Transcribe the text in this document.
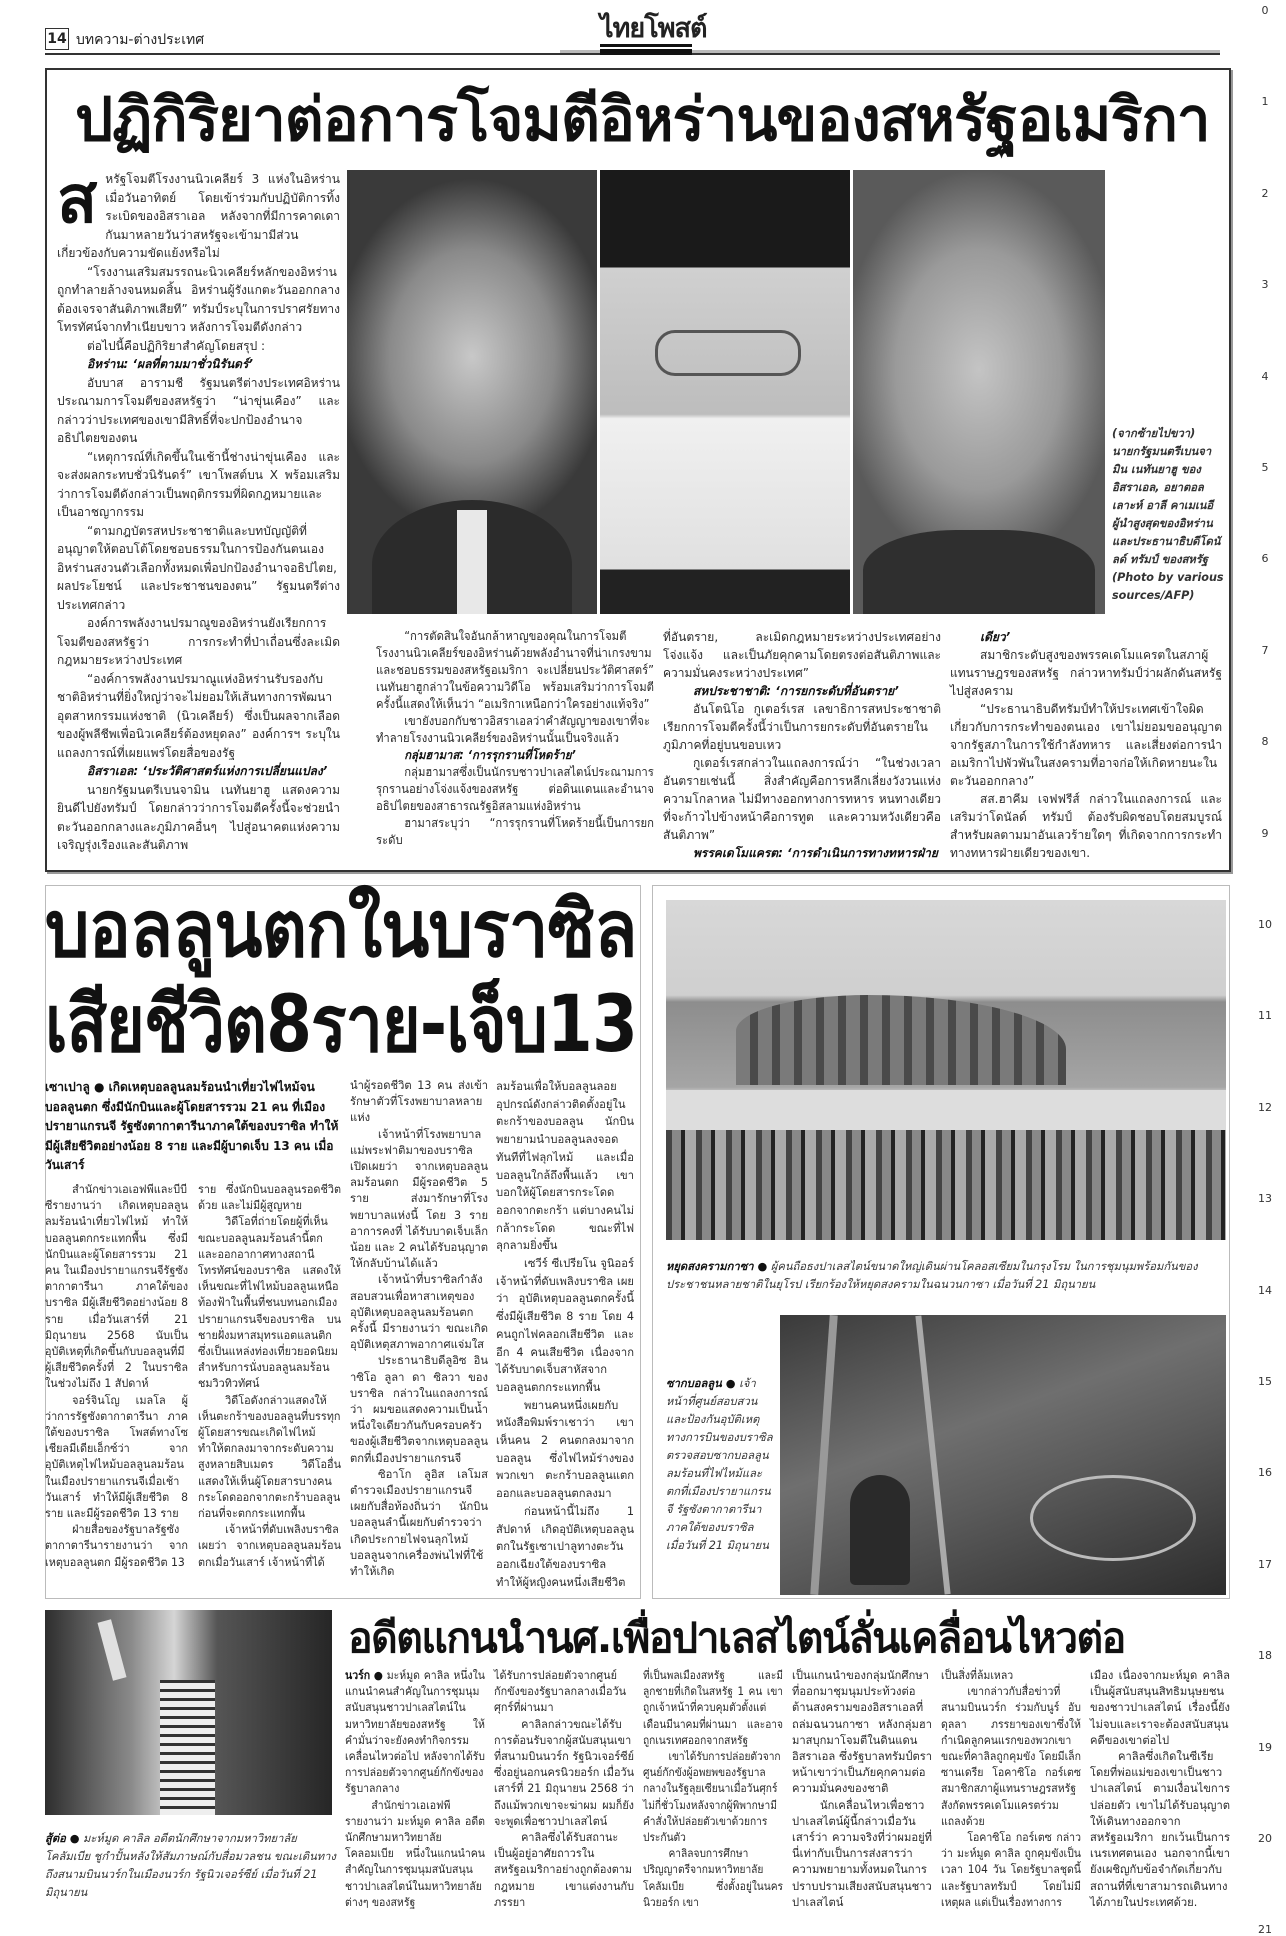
14 บทความ-ต่างประเทศ	ไทยโพสต์
0
1
2
3
4
5
6
7
8
9
10
11
12
13
14
15
16
17
18
19
20
21
ปฏิกิริยาต่อการโจมตีอิหร่านของสหรัฐอเมริกา
ส หรัฐโจมตีโรงงานนิวเคลียร์ 3 แห่งในอิหร่านเมื่อวันอาทิตย์ โดยเข้าร่วมกับปฏิบัติการทิ้งระเบิดของอิสราเอล หลังจากที่มีการคาดเดากันมาหลายวันว่าสหรัฐจะเข้ามามีส่วนเกี่ยวข้องกับความขัดแย้งหรือไม่

“โรงงานเสริมสมรรถนะนิวเคลียร์หลักของอิหร่านถูกทำลายล้างจนหมดสิ้น อิหร่านผู้รังแกตะวันออกกลาง ต้องเจรจาสันติภาพเสียที” ทรัมป์ระบุในการปราศรัยทางโทรทัศน์จากทำเนียบขาว หลังการโจมตีดังกล่าว

ต่อไปนี้คือปฏิกิริยาสำคัญโดยสรุป :

อิหร่าน: ‘ผลที่ตามมาชั่วนิรันดร์’

อับบาส อารามชี รัฐมนตรีต่างประเทศอิหร่านประณามการโจมตีของสหรัฐว่า “น่าขุ่นเคือง” และกล่าวว่าประเทศของเขามีสิทธิ์ที่จะปกป้องอำนาจอธิปไตยของตน

“เหตุการณ์ที่เกิดขึ้นในเช้านี้ช่างน่าขุ่นเคือง และจะส่งผลกระทบชั่วนิรันดร์” เขาโพสต์บน X พร้อมเสริมว่าการโจมตีดังกล่าวเป็นพฤติกรรมที่ผิดกฎหมายและเป็นอาชญากรรม

“ตามกฎบัตรสหประชาชาติและบทบัญญัติที่อนุญาตให้ตอบโต้โดยชอบธรรมในการป้องกันตนเอง อิหร่านสงวนตัวเลือกทั้งหมดเพื่อปกป้องอำนาจอธิปไตย, ผลประโยชน์ และประชาชนของตน” รัฐมนตรีต่างประเทศกล่าว

องค์การพลังงานปรมาณูของอิหร่านยังเรียกการโจมตีของสหรัฐว่า การกระทำที่ป่าเถื่อนซึ่งละเมิดกฎหมายระหว่างประเทศ

“องค์การพลังงานปรมาณูแห่งอิหร่านรับรองกับชาติอิหร่านที่ยิ่งใหญ่ว่าจะไม่ยอมให้เส้นทางการพัฒนาอุตสาหกรรมแห่งชาติ (นิวเคลียร์) ซึ่งเป็นผลจากเลือดของผู้พลีชีพเพื่อนิวเคลียร์ต้องหยุดลง” องค์การฯ ระบุในแถลงการณ์ที่เผยแพร่โดยสื่อของรัฐ

อิสราเอล: ‘ประวัติศาสตร์แห่งการเปลี่ยนแปลง’

นายกรัฐมนตรีเบนจามิน เนทันยาฮู แสดงความยินดีไปยังทรัมป์ โดยกล่าวว่าการโจมตีครั้งนี้จะช่วยนำตะวันออกกลางและภูมิภาคอื่นๆ ไปสู่อนาคตแห่งความเจริญรุ่งเรืองและสันติภาพ

(จากซ้ายไปขวา) นายกรัฐมนตรีเบนจามิน เนทันยาฮู ของอิสราเอล, อยาตอลเลาะห์ อาลี คาเมเนอี ผู้นำสูงสุดของอิหร่าน และประธานาธิบดีโดนัลด์ ทรัมป์ ของสหรัฐ (Photo by various sources/AFP)

“การตัดสินใจอันกล้าหาญของคุณในการโจมตีโรงงานนิวเคลียร์ของอิหร่านด้วยพลังอำนาจที่น่าเกรงขามและชอบธรรมของสหรัฐอเมริกา จะเปลี่ยนประวัติศาสตร์” เนทันยาฮูกล่าวในข้อความวิดีโอ พร้อมเสริมว่าการโจมตีครั้งนี้แสดงให้เห็นว่า “อเมริกาเหนือกว่าใครอย่างแท้จริง”

เขายังบอกกับชาวอิสราเอลว่าคำสัญญาของเขาที่จะทำลายโรงงานนิวเคลียร์ของอิหร่านนั้นเป็นจริงแล้ว

กลุ่มฮามาส: ‘การรุกรานที่โหดร้าย’

กลุ่มฮามาสซึ่งเป็นนักรบชาวปาเลสไตน์ประณามการรุกรานอย่างโจ่งแจ้งของสหรัฐ ต่อดินแดนและอำนาจอธิปไตยของสาธารณรัฐอิสลามแห่งอิหร่าน

ฮามาสระบุว่า “การรุกรานที่โหดร้ายนี้เป็นการยกระดับ

ที่อันตราย, ละเมิดกฎหมายระหว่างประเทศอย่างโจ่งแจ้ง และเป็นภัยคุกคามโดยตรงต่อสันติภาพและความมั่นคงระหว่างประเทศ”

สหประชาชาติ: ‘การยกระดับที่อันตราย’

อันโตนิโอ กูเตอร์เรส เลขาธิการสหประชาชาติ เรียกการโจมตีครั้งนี้ว่าเป็นการยกระดับที่อันตรายในภูมิภาคที่อยู่บนขอบเหว

กูเตอร์เรสกล่าวในแถลงการณ์ว่า “ในช่วงเวลาอันตรายเช่นนี้ สิ่งสำคัญคือการหลีกเลี่ยงวังวนแห่งความโกลาหล ไม่มีทางออกทางการทหาร หนทางเดียวที่จะก้าวไปข้างหน้าคือการทูต และความหวังเดียวคือสันติภาพ”

พรรคเดโมแครต: ‘การดำเนินการทางทหารฝ่าย

เดียว’

สมาชิกระดับสูงของพรรคเดโมแครตในสภาผู้แทนราษฎรของสหรัฐ กล่าวหาทรัมป์ว่าผลักดันสหรัฐไปสู่สงคราม

“ประธานาธิบดีทรัมป์ทำให้ประเทศเข้าใจผิดเกี่ยวกับการกระทำของตนเอง เขาไม่ยอมขออนุญาตจากรัฐสภาในการใช้กำลังทหาร และเสี่ยงต่อการนำอเมริกาไปพัวพันในสงครามที่อาจก่อให้เกิดหายนะในตะวันออกกลาง”

สส.ฮาคีม เจฟฟรีส์ กล่าวในแถลงการณ์ และเสริมว่าโดนัลด์ ทรัมป์ ต้องรับผิดชอบโดยสมบูรณ์สำหรับผลตามมาอันเลวร้ายใดๆ ที่เกิดจากการกระทำทางทหารฝ่ายเดียวของเขา.

บอลลูนตกในบราซิล
เสียชีวิต8ราย-เจ็บ13
เซาเปาลู ● เกิดเหตุบอลลูนลมร้อนนำเที่ยวไฟไหม้จนบอลลูนตก ซึ่งมีนักบินและผู้โดยสารรวม 21 คน ที่เมืองปรายาแกรนจี รัฐซังตากาตารีนาภาคใต้ของบราซิล ทำให้มีผู้เสียชีวิตอย่างน้อย 8 ราย และมีผู้บาดเจ็บ 13 คน เมื่อวันเสาร์

สำนักข่าวเอเอฟพีและบีบีซีรายงานว่า เกิดเหตุบอลลูนลมร้อนนำเที่ยวไฟไหม้ ทำให้บอลลูนตกกระแทกพื้น ซึ่งมีนักบินและผู้โดยสารรวม 21 คน ในเมืองปรายาแกรนจีรัฐซังตากาตารีนา ภาคใต้ของบราซิล มีผู้เสียชีวิตอย่างน้อย 8 ราย เมื่อวันเสาร์ที่ 21 มิถุนายน 2568 นับเป็นอุบัติเหตุที่เกิดขึ้นกับบอลลูนที่มีผู้เสียชีวิตครั้งที่ 2 ในบราซิล ในช่วงไม่ถึง 1 สัปดาห์

จอร์จินโญ เมลโล ผู้ว่าการรัฐซังตากาตารีนา ภาคใต้ของบราซิล โพสต์ทางโซเชียลมีเดียเอ็กซ์ว่า จากอุบัติเหตุไฟไหม้บอลลูนลมร้อนในเมืองปรายาแกรนจีเมื่อเช้าวันเสาร์ ทำให้มีผู้เสียชีวิต 8 ราย และมีผู้รอดชีวิต 13 ราย

ฝ่ายสื่อของรัฐบาลรัฐซังตากาตารีนารายงานว่า จากเหตุบอลลูนตก มีผู้รอดชีวิต 13

ราย ซึ่งนักบินบอลลูนรอดชีวิตด้วย และไม่มีผู้สูญหาย

วิดีโอที่ถ่ายโดยผู้ที่เห็นขณะบอลลูนลมร้อนลำนี้ตก และออกอากาศทางสถานีโทรทัศน์ของบราซิล แสดงให้เห็นขณะที่ไฟไหม้บอลลูนเหนือท้องฟ้าในพื้นที่ชนบทนอกเมืองปรายาแกรนจีของบราซิล บนชายฝั่งมหาสมุทรแอตแลนติก ซึ่งเป็นแหล่งท่องเที่ยวยอดนิยมสำหรับการนั่งบอลลูนลมร้อนชมวิวทิวทัศน์

วิดีโอดังกล่าวแสดงให้เห็นตะกร้าของบอลลูนที่บรรทุกผู้โดยสารขณะเกิดไฟไหม้ ทำให้ตกลงมาจากระดับความสูงหลายสิบเมตร วิดีโออื่นแสดงให้เห็นผู้โดยสารบางคนกระโดดออกจากตะกร้าบอลลูนก่อนที่จะตกกระแทกพื้น

เจ้าหน้าที่ดับเพลิงบราซิลเผยว่า จากเหตุบอลลูนลมร้อนตกเมื่อวันเสาร์ เจ้าหน้าที่ได้

นำผู้รอดชีวิต 13 คน ส่งเข้ารักษาตัวที่โรงพยาบาลหลายแห่ง

เจ้าหน้าที่โรงพยาบาลแม่พระฟาติมาของบราซิล เปิดเผยว่า จากเหตุบอลลูนลมร้อนตก มีผู้รอดชีวิต 5 ราย ส่งมารักษาที่โรงพยาบาลแห่งนี้ โดย 3 รายอาการคงที่ ได้รับบาดเจ็บเล็กน้อย และ 2 คนได้รับอนุญาตให้กลับบ้านได้แล้ว

เจ้าหน้าที่บราซิลกำลังสอบสวนเพื่อหาสาเหตุของอุบัติเหตุบอลลูนลมร้อนตกครั้งนี้ มีรายงานว่า ขณะเกิดอุบัติเหตุสภาพอากาศแจ่มใส

ประธานาธิบดีลูอิซ อินาซิโอ ลูลา ดา ซิลวา ของบราซิล กล่าวในแถลงการณ์ว่า ผมขอแสดงความเป็นน้ำหนึ่งใจเดียวกันกับครอบครัวของผู้เสียชีวิตจากเหตุบอลลูนตกที่เมืองปรายาแกรนจี

ซิอาโก ลูอิส เลโมส ตำรวจเมืองปรายาแกรนจี เผยกับสื่อท้องถิ่นว่า นักบินบอลลูนลำนี้เผยกับตำรวจว่า เกิดประกายไฟจนลุกไหม้บอลลูนจากเครื่องพ่นไฟที่ใช้ทำให้เกิด

ลมร้อนเพื่อให้บอลลูนลอย อุปกรณ์ดังกล่าวติดตั้งอยู่ในตะกร้าของบอลลูน นักบินพยายามนำบอลลูนลงจอดทันทีที่ไฟลุกไหม้ และเมื่อบอลลูนใกล้ถึงพื้นแล้ว เขาบอกให้ผู้โดยสารกระโดดออกจากตะกร้า แต่บางคนไม่กล้ากระโดด ขณะที่ไฟลุกลามยิ่งขึ้น

เซวีร์ ซีเปรียโน จูนิออร์ เจ้าหน้าที่ดับเพลิงบราซิล เผยว่า อุบัติเหตุบอลลูนตกครั้งนี้ ซึ่งมีผู้เสียชีวิต 8 ราย โดย 4 คนถูกไฟคลอกเสียชีวิต และอีก 4 คนเสียชีวิต เนื่องจากได้รับบาดเจ็บสาหัสจากบอลลูนตกกระแทกพื้น

พยานคนหนึ่งเผยกับหนังสือพิมพ์ราเชาว่า เขาเห็นคน 2 คนตกลงมาจากบอลลูน ซึ่งไฟไหม้ร่างของพวกเขา ตะกร้าบอลลูนแตกออกและบอลลูนตกลงมา

ก่อนหน้านี้ไม่ถึง 1 สัปดาห์ เกิดอุบัติเหตุบอลลูนตกในรัฐเซาเปาลูทางตะวันออกเฉียงใต้ของบราซิล ทำให้ผู้หญิงคนหนึ่งเสียชีวิต

หยุดสงครามกาซา ● ผู้คนถือธงปาเลสไตน์ขนาดใหญ่เดินผ่านโคลอสเซียมในกรุงโรม ในการชุมนุมพร้อมกันของประชาชนหลายชาติในยุโรป เรียกร้องให้หยุดสงครามในฉนวนกาซา เมื่อวันที่ 21 มิถุนายน
ซากบอลลูน ● เจ้าหน้าที่ศูนย์สอบสวนและป้องกันอุบัติเหตุทางการบินของบราซิล ตรวจสอบซากบอลลูนลมร้อนที่ไฟไหม้และตกที่เมืองปรายาแกรนจี รัฐซังตากาตารีนาภาคใต้ของบราซิล เมื่อวันที่ 21 มิถุนายน
สู้ต่อ ● มะห์มูด คาลิล อดีตนักศึกษาจากมหาวิทยาลัยโคลัมเบีย ชูกำปั้นหลังให้สัมภาษณ์กับสื่อมวลชน ขณะเดินทางถึงสนามบินนวร์กในเมืองนวร์ก รัฐนิวเจอร์ซีย์ เมื่อวันที่ 21 มิถุนายน
อดีตแกนนำนศ.เพื่อปาเลสไตน์ลั่นเคลื่อนไหวต่อ
นวร์ก ● มะห์มูด คาลิล หนึ่งในแกนนำคนสำคัญในการชุมนุมสนับสนุนชาวปาเลสไตน์ในมหาวิทยาลัยของสหรัฐ ให้คำมั่นว่าจะยังคงทำกิจกรรมเคลื่อนไหวต่อไป หลังจากได้รับการปล่อยตัวจากศูนย์กักขังของรัฐบาลกลาง

สำนักข่าวเอเอฟพีรายงานว่า มะห์มูด คาลิล อดีตนักศึกษามหาวิทยาลัยโคลอมเบีย หนึ่งในแกนนำคนสำคัญในการชุมนุมสนับสนุนชาวปาเลสไตน์ในมหาวิทยาลัยต่างๆ ของสหรัฐ

ได้รับการปล่อยตัวจากศูนย์กักขังของรัฐบาลกลางเมื่อวันศุกร์ที่ผ่านมา

คาลิลกล่าวขณะได้รับการต้อนรับจากผู้สนับสนุนเขาที่สนามบินนวร์ก รัฐนิวเจอร์ซีย์ ซึ่งอยู่นอกนครนิวยอร์ก เมื่อวันเสาร์ที่ 21 มิถุนายน 2568 ว่า ถึงแม้พวกเขาจะฆ่าผม ผมก็ยังจะพูดเพื่อชาวปาเลสไตน์

คาลิลซึ่งได้รับสถานะเป็นผู้อยู่อาศัยถาวรในสหรัฐอเมริกาอย่างถูกต้องตามกฎหมาย เขาแต่งงานกับภรรยา

ที่เป็นพลเมืองสหรัฐ และมีลูกชายที่เกิดในสหรัฐ 1 คน เขาถูกเจ้าหน้าที่ควบคุมตัวตั้งแต่เดือนมีนาคมที่ผ่านมา และอาจถูกเนรเทศออกจากสหรัฐ

เขาได้รับการปล่อยตัวจากศูนย์กักขังผู้อพยพของรัฐบาลกลางในรัฐลุยเซียนาเมื่อวันศุกร์ ไม่กี่ชั่วโมงหลังจากผู้พิพากษามีคำสั่งให้ปล่อยตัวเขาด้วยการประกันตัว

คาลิลจบการศึกษาปริญญาตรีจากมหาวิทยาลัยโคลัมเบีย ซึ่งตั้งอยู่ในนครนิวยอร์ก เขา

เป็นแกนนำของกลุ่มนักศึกษาที่ออกมาชุมนุมประท้วงต่อต้านสงครามของอิสราเอลที่ถล่มฉนวนกาซา หลังกลุ่มฮามาสบุกมาโจมตีในดินแดนอิสราเอล ซึ่งรัฐบาลทรัมป์ตราหน้าเขาว่าเป็นภัยคุกคามต่อความมั่นคงของชาติ

นักเคลื่อนไหวเพื่อชาวปาเลสไตน์ผู้นี้กล่าวเมื่อวันเสาร์ว่า ความจริงที่ว่าผมอยู่ที่นี่เท่ากับเป็นการส่งสารว่าความพยายามทั้งหมดในการปราบปรามเสียงสนับสนุนชาวปาเลสไตน์

เป็นสิ่งที่ล้มเหลว

เขากล่าวกับสื่อข่าวที่สนามบินนวร์ก ร่วมกับนูร์ อับดุลลา ภรรยาของเขาซึ่งให้กำเนิดลูกคนแรกของพวกเขาขณะที่คาลิลถูกคุมขัง โดยมีเล็กซานเดรีย โอคาซิโอ กอร์เตซ สมาชิกสภาผู้แทนราษฎรสหรัฐสังกัดพรรคเดโมแครตร่วมแถลงด้วย

โอคาซิโอ กอร์เตซ กล่าวว่า มะห์มูด คาลิล ถูกคุมขังเป็นเวลา 104 วัน โดยรัฐบาลชุดนี้ และรัฐบาลทรัมป์ โดยไม่มีเหตุผล แต่เป็นเรื่องทางการ

เมือง เนื่องจากมะห์มูด คาลิล เป็นผู้สนับสนุนสิทธิมนุษยชนของชาวปาเลสไตน์ เรื่องนี้ยังไม่จบและเราจะต้องสนับสนุนคดีของเขาต่อไป

คาลิลซึ่งเกิดในซีเรียโดยที่พ่อแม่ของเขาเป็นชาวปาเลสไตน์ ตามเงื่อนไขการปล่อยตัว เขาไม่ได้รับอนุญาตให้เดินทางออกจากสหรัฐอเมริกา ยกเว้นเป็นการเนรเทศตนเอง นอกจากนี้เขายังเผชิญกับข้อจำกัดเกี่ยวกับสถานที่ที่เขาสามารถเดินทางได้ภายในประเทศด้วย.
